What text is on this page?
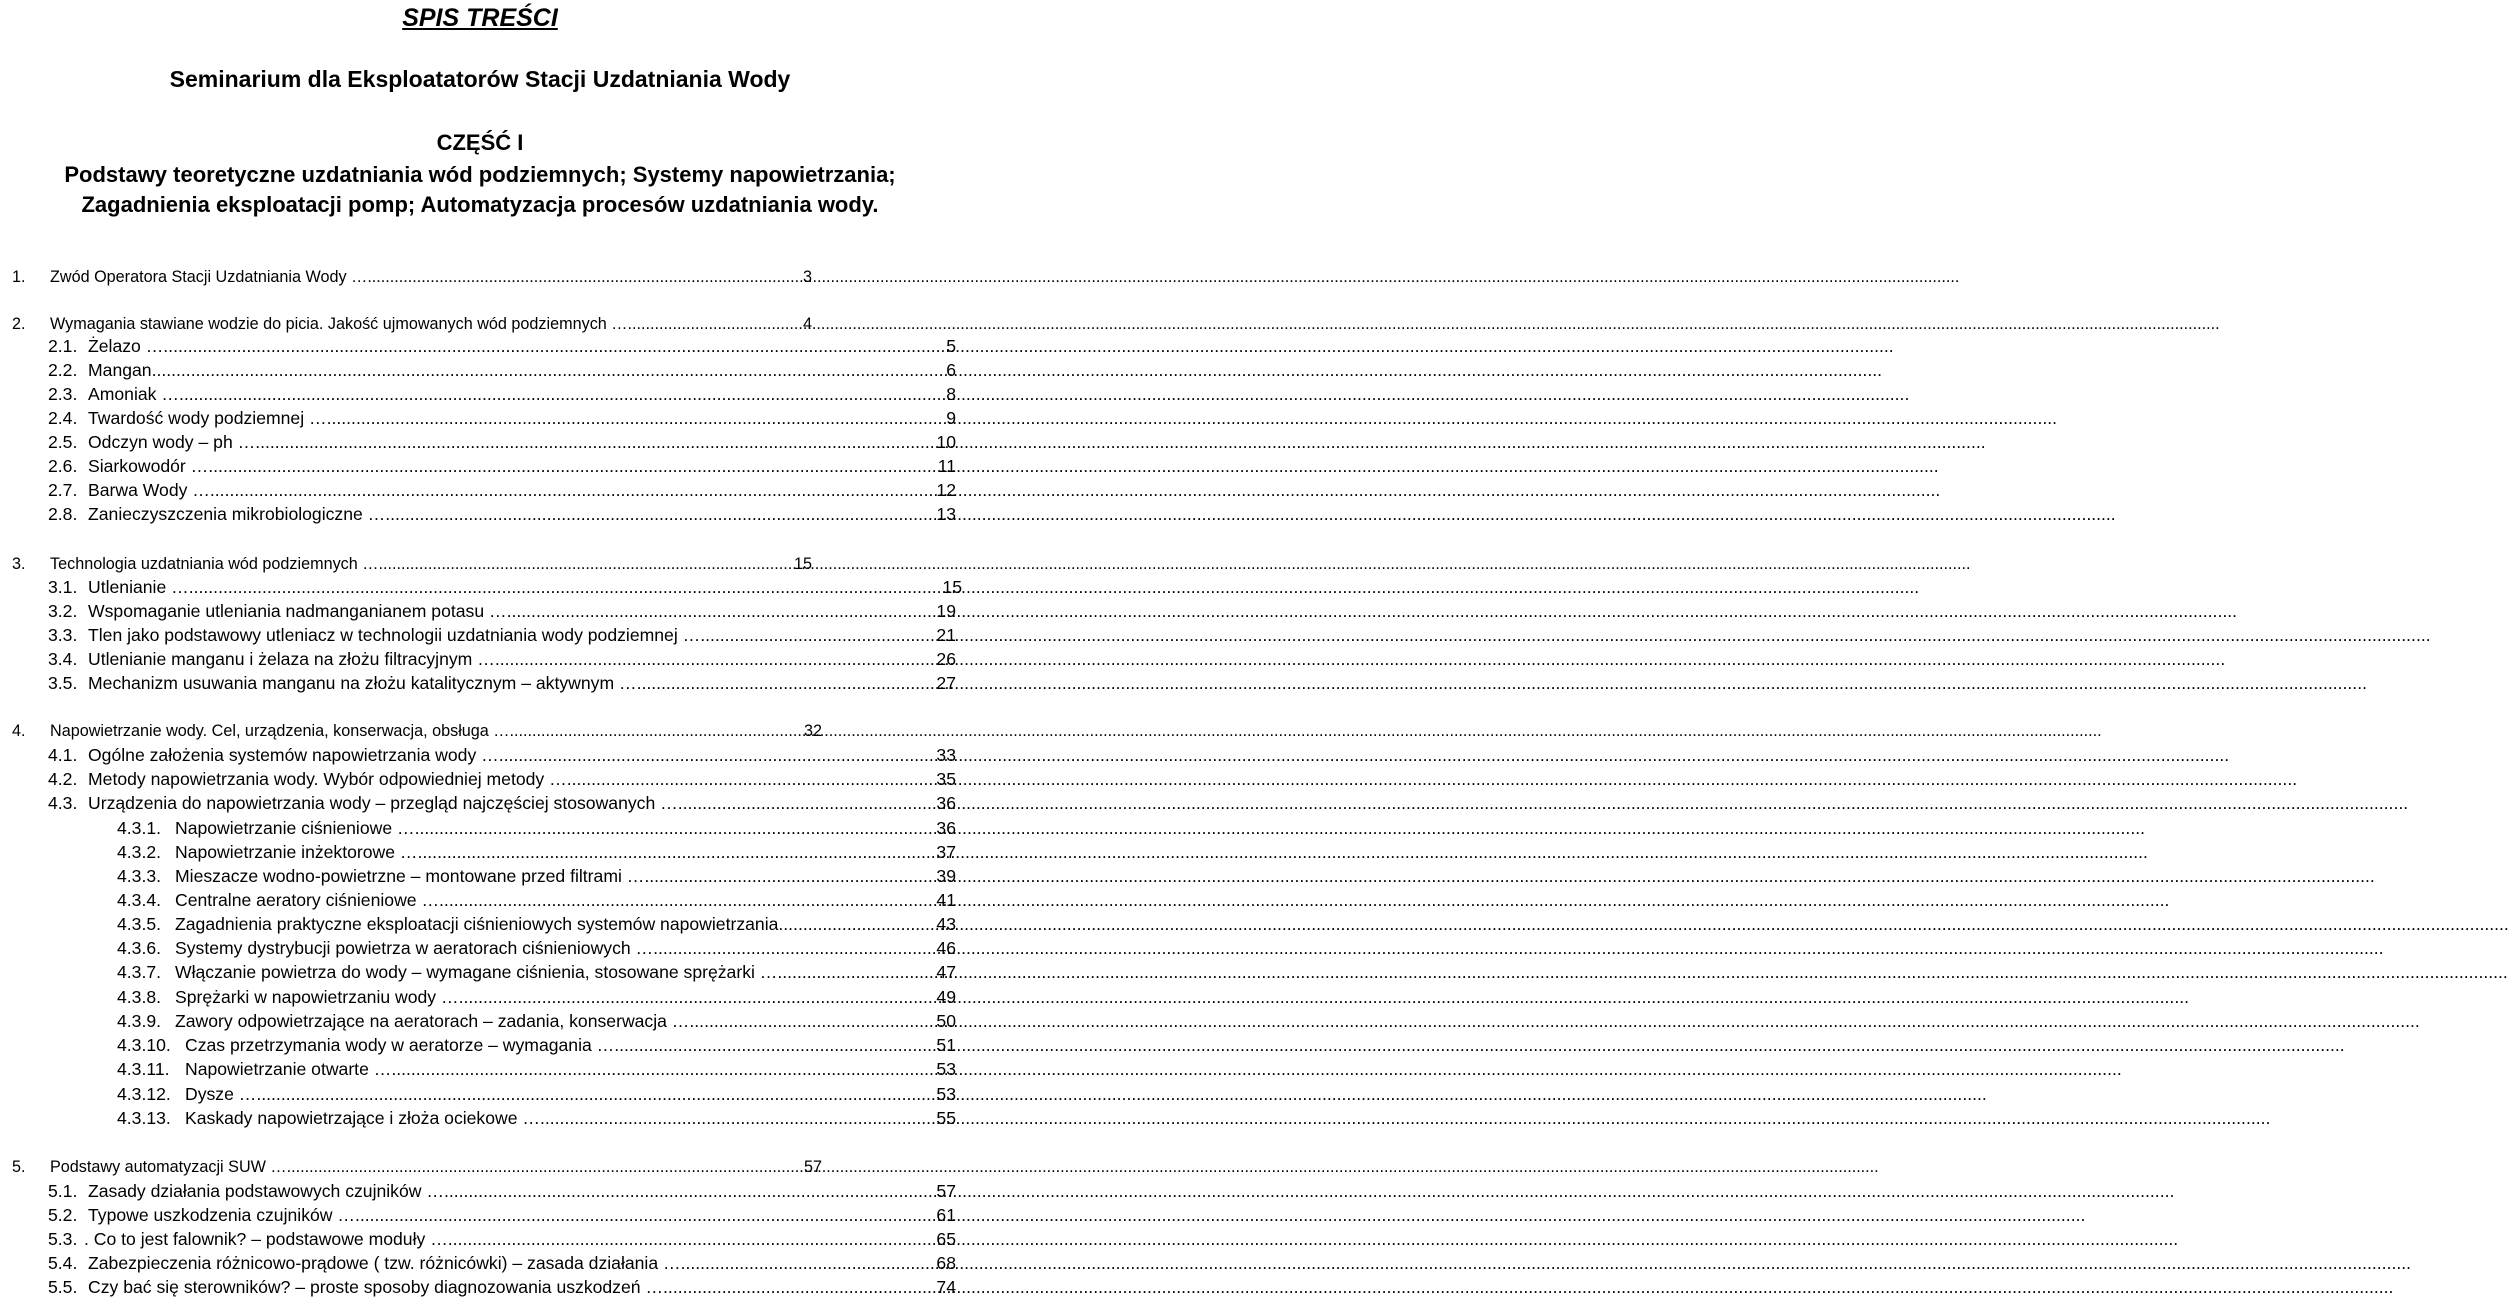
SPIS TREŚCI
Seminarium dla Eksploatatorów Stacji Uzdatniania Wody
CZĘŚĆ I
Podstawy teoretyczne uzdatniania wód podziemnych; Systemy napowietrzania;
Zagadnienia eksploatacji pomp; Automatyzacja procesów uzdatniania wody.
1.	Zwód Operatora Stacji Uzdatniania Wody … .....	3
2.	Wymagania stawiane wodzie do picia. Jakość ujmowanych wód podziemnych … .....	4
2.1. Żelazo … .....	5
2.2. Mangan .....	6
2.3. Amoniak … .....	8
2.4. Twardość wody podziemnej … .....	9
2.5. Odczyn wody – ph … .....	10
2.6. Siarkowodór … .....	11
2.7. Barwa Wody … .....	12
2.8. Zanieczyszczenia mikrobiologiczne … .....	13
3.	Technologia uzdatniania wód podziemnych … .....	15
3.1. Utlenianie … .....	15
3.2. Wspomaganie utleniania nadmanganianem potasu … .....	19
3.3. Tlen jako podstawowy utleniacz w technologii uzdatniania wody podziemnej … .....	21
3.4. Utlenianie manganu i żelaza na złożu filtracyjnym … .....	26
3.5. Mechanizm usuwania manganu na złożu katalitycznym – aktywnym … .....	27
4.	Napowietrzanie wody. Cel, urządzenia, konserwacja, obsługa … .....	32
4.1. Ogólne założenia systemów napowietrzania wody … .....	33
4.2. Metody napowietrzania wody. Wybór odpowiedniej metody … .....	35
4.3. Urządzenia do napowietrzania wody – przegląd najczęściej stosowanych … .....	36
4.3.1. Napowietrzanie ciśnieniowe … .....	36
4.3.2. Napowietrzanie inżektorowe … .....	37
4.3.3. Mieszacze wodno-powietrzne – montowane przed filtrami … .....	39
4.3.4. Centralne aeratory ciśnieniowe … .....	41
4.3.5. Zagadnienia praktyczne eksploatacji ciśnieniowych systemów napowietrzania .....	43
4.3.6. Systemy dystrybucji powietrza w aeratorach ciśnieniowych … .....	46
4.3.7. Włączanie powietrza do wody – wymagane ciśnienia, stosowane sprężarki … .....	47
4.3.8. Sprężarki w napowietrzaniu wody … .....	49
4.3.9. Zawory odpowietrzające na aeratorach – zadania, konserwacja … .....	50
4.3.10. Czas przetrzymania wody w aeratorze – wymagania … .....	51
4.3.11. Napowietrzanie otwarte … .....	53
4.3.12. Dysze … .....	53
4.3.13. Kaskady napowietrzające i złoża ociekowe … .....	55
5.	Podstawy automatyzacji SUW … .....	57
5.1. Zasady działania podstawowych czujników … .....	57
5.2. Typowe uszkodzenia czujników … .....	61
5.3. . Co to jest falownik? – podstawowe moduły … .....	65
5.4. Zabezpieczenia różnicowo-prądowe ( tzw. różnicówki) – zasada działania … .....	68
5.5. Czy bać się sterowników? – proste sposoby diagnozowania uszkodzeń … .....	74
